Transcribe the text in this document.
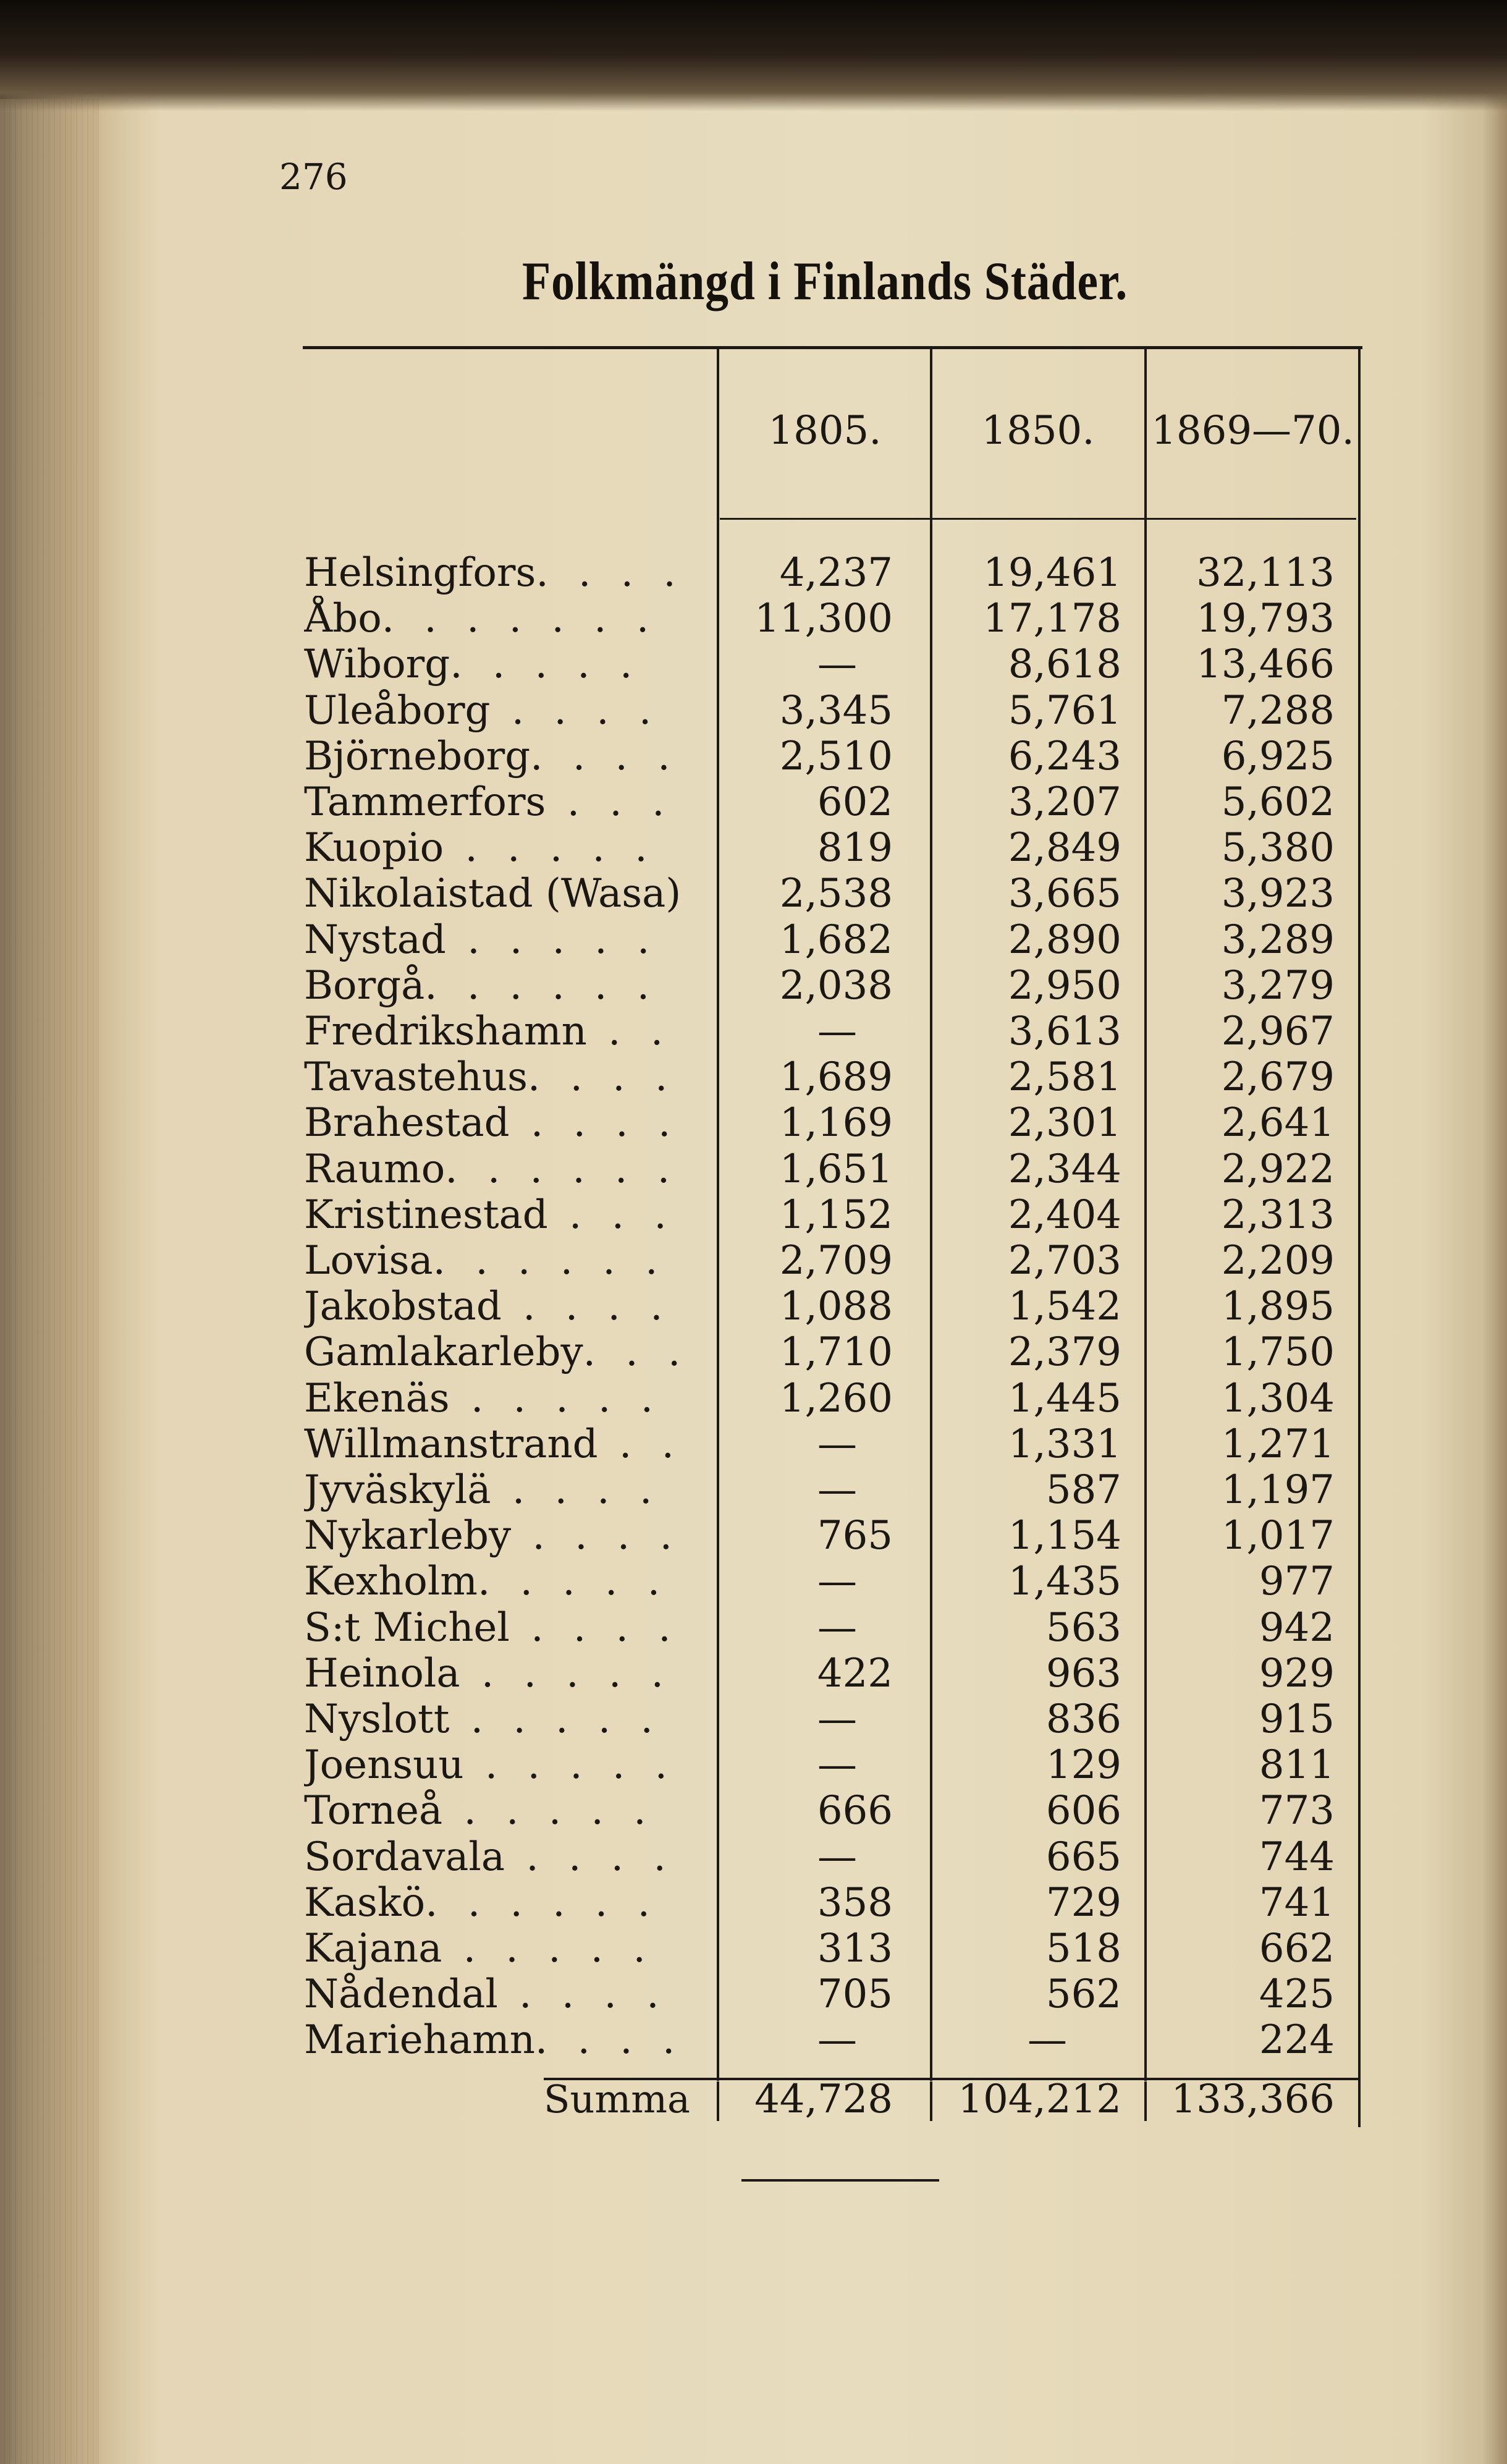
276
Folkmängd i Finlands Städer.
1805.	1850.	1869—70.
Helsingfors. . . .	4,237	19,461	32,113
Åbo. . . . . . .	11,300	17,178	19,793
Wiborg. . . . .	—	8,618	13,466
Uleåborg . . . .	3,345	5,761	7,288
Björneborg. . . .	2,510	6,243	6,925
Tammerfors . . .	602	3,207	5,602
Kuopio . . . . .	819	2,849	5,380
Nikolaistad (Wasa)	2,538	3,665	3,923
Nystad . . . . .	1,682	2,890	3,289
Borgå. . . . . .	2,038	2,950	3,279
Fredrikshamn . .	—	3,613	2,967
Tavastehus. . . .	1,689	2,581	2,679
Brahestad . . . .	1,169	2,301	2,641
Raumo. . . . . .	1,651	2,344	2,922
Kristinestad . . .	1,152	2,404	2,313
Lovisa. . . . . .	2,709	2,703	2,209
Jakobstad . . . .	1,088	1,542	1,895
Gamlakarleby. . .	1,710	2,379	1,750
Ekenäs . . . . .	1,260	1,445	1,304
Willmanstrand . .	—	1,331	1,271
Jyväskylä . . . .	—	587	1,197
Nykarleby . . . .	765	1,154	1,017
Kexholm. . . . .	—	1,435	977
S:t Michel . . . .	—	563	942
Heinola . . . . .	422	963	929
Nyslott . . . . .	—	836	915
Joensuu . . . . .	—	129	811
Torneå . . . . .	666	606	773
Sordavala . . . .	—	665	744
Kaskö. . . . . .	358	729	741
Kajana . . . . .	313	518	662
Nådendal . . . .	705	562	425
Mariehamn. . . .	—	—	224
Summa	44,728	104,212	133,366
